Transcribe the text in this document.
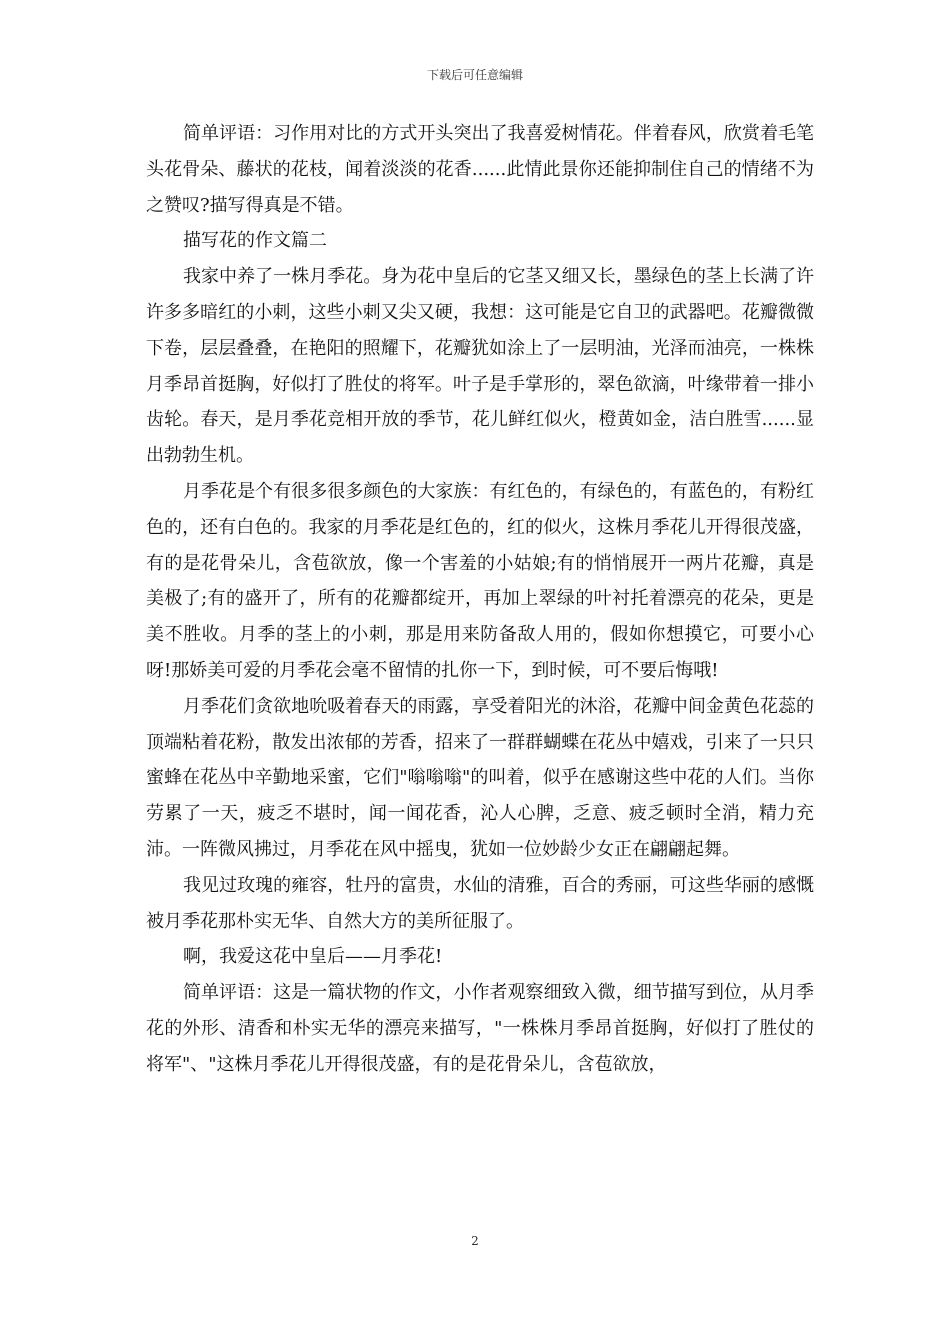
下载后可任意编辑

简单评语：习作用对比的方式开头突出了我喜爱树情花。伴着春风，欣赏着毛笔头花骨朵、藤状的花枝，闻着淡淡的花香......此情此景你还能抑制住自己的情绪不为之赞叹?描写得真是不错。

描写花的作文篇二

我家中养了一株月季花。身为花中皇后的它茎又细又长，墨绿色的茎上长满了许许多多暗红的小刺，这些小刺又尖又硬，我想：这可能是它自卫的武器吧。花瓣微微下卷，层层叠叠，在艳阳的照耀下，花瓣犹如涂上了一层明油，光泽而油亮，一株株月季昂首挺胸，好似打了胜仗的将军。叶子是手掌形的，翠色欲滴，叶缘带着一排小齿轮。春天，是月季花竞相开放的季节，花儿鲜红似火，橙黄如金，洁白胜雪......显出勃勃生机。

月季花是个有很多很多颜色的大家族：有红色的，有绿色的，有蓝色的，有粉红色的，还有白色的。我家的月季花是红色的，红的似火，这株月季花儿开得很茂盛，有的是花骨朵儿，含苞欲放，像一个害羞的小姑娘;有的悄悄展开一两片花瓣，真是美极了;有的盛开了，所有的花瓣都绽开，再加上翠绿的叶衬托着漂亮的花朵，更是美不胜收。月季的茎上的小刺，那是用来防备敌人用的，假如你想摸它，可要小心呀!那娇美可爱的月季花会毫不留情的扎你一下，到时候，可不要后悔哦!

月季花们贪欲地吮吸着春天的雨露，享受着阳光的沐浴，花瓣中间金黄色花蕊的顶端粘着花粉，散发出浓郁的芳香，招来了一群群蝴蝶在花丛中嬉戏，引来了一只只蜜蜂在花丛中辛勤地采蜜，它们"嗡嗡嗡"的叫着，似乎在感谢这些中花的人们。当你劳累了一天，疲乏不堪时，闻一闻花香，沁人心脾，乏意、疲乏顿时全消，精力充沛。一阵微风拂过，月季花在风中摇曳，犹如一位妙龄少女正在翩翩起舞。

我见过玫瑰的雍容，牡丹的富贵，水仙的清雅，百合的秀丽，可这些华丽的感慨被月季花那朴实无华、自然大方的美所征服了。

啊，我爱这花中皇后——月季花!

简单评语：这是一篇状物的作文，小作者观察细致入微，细节描写到位，从月季花的外形、清香和朴实无华的漂亮来描写，"一株株月季昂首挺胸，好似打了胜仗的将军"、"这株月季花儿开得很茂盛，有的是花骨朵儿，含苞欲放，

2
